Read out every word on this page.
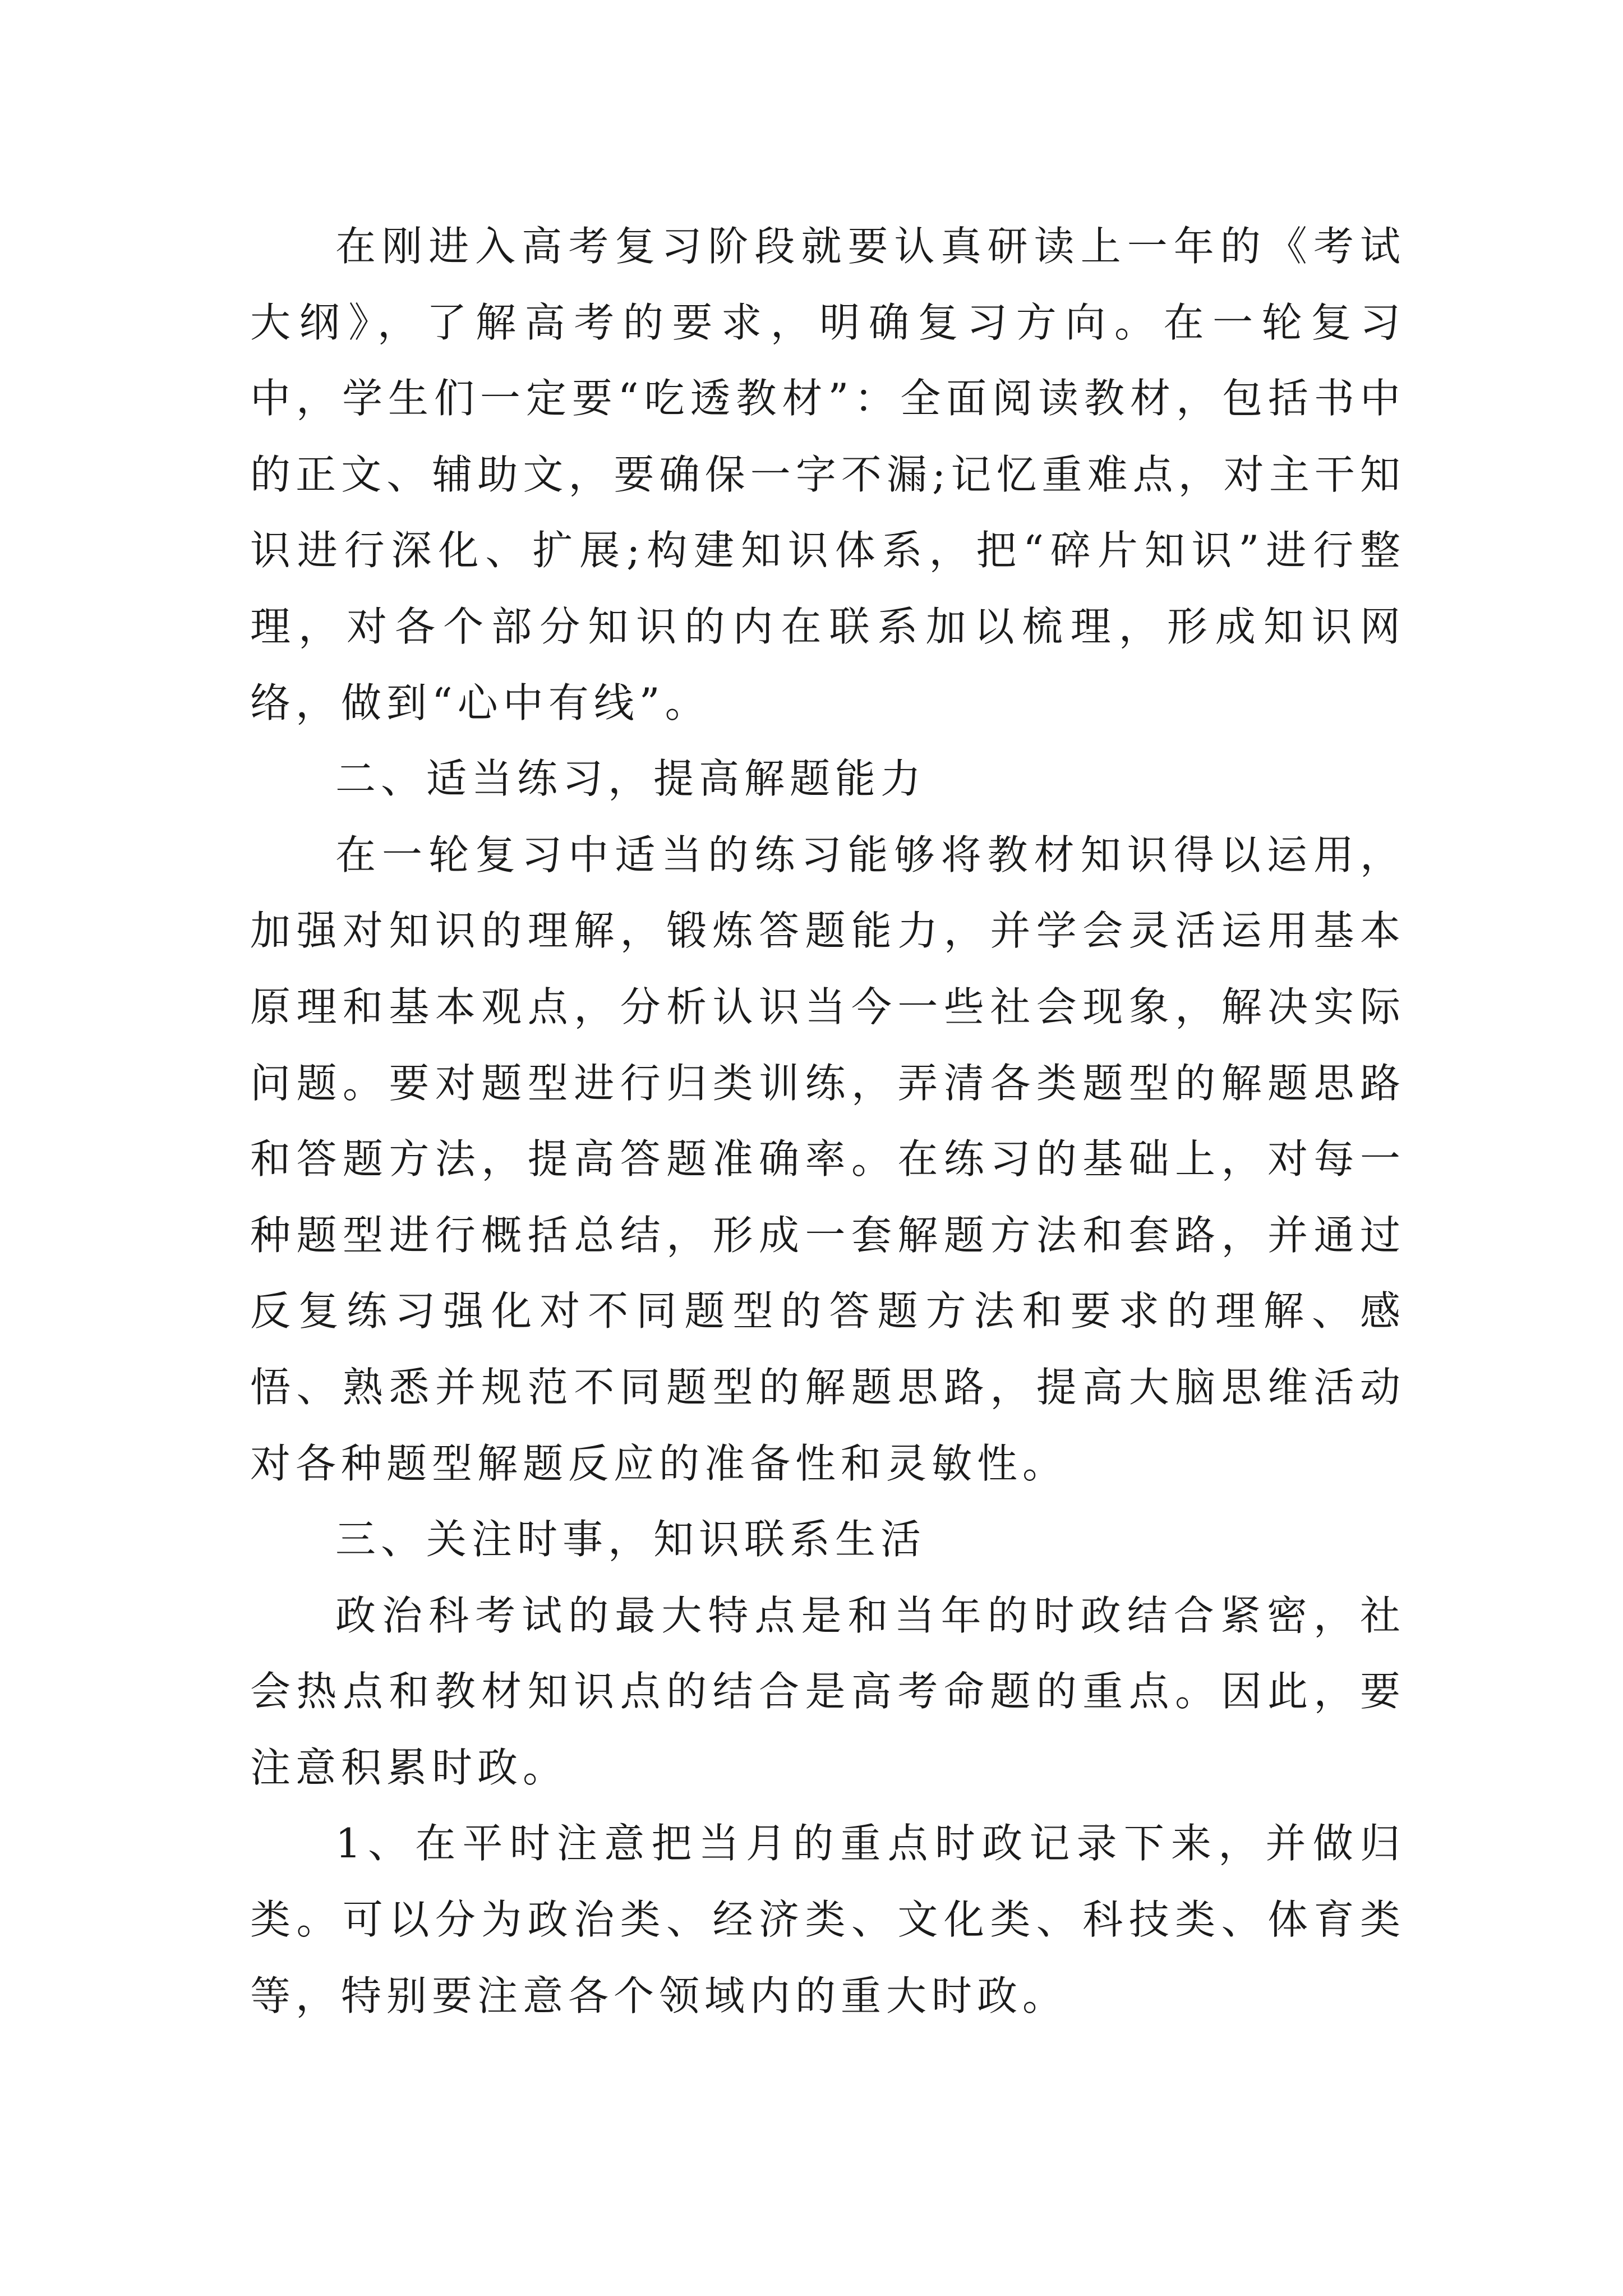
在刚进入高考复习阶段就要认真研读上一年的《考试大纲》，了解高考的要求，明确复习方向。在一轮复习中，学生们一定要“吃透教材”：全面阅读教材，包括书中的正文、辅助文，要确保一字不漏;记忆重难点，对主干知识进行深化、扩展;构建知识体系，把“碎片知识”进行整理，对各个部分知识的内在联系加以梳理，形成知识网络，做到“心中有线”。

二、适当练习，提高解题能力

在一轮复习中适当的练习能够将教材知识得以运用，加强对知识的理解，锻炼答题能力，并学会灵活运用基本原理和基本观点，分析认识当今一些社会现象，解决实际问题。要对题型进行归类训练，弄清各类题型的解题思路和答题方法，提高答题准确率。在练习的基础上，对每一种题型进行概括总结，形成一套解题方法和套路，并通过反复练习强化对不同题型的答题方法和要求的理解、感悟、熟悉并规范不同题型的解题思路，提高大脑思维活动对各种题型解题反应的准备性和灵敏性。

三、关注时事，知识联系生活

政治科考试的最大特点是和当年的时政结合紧密，社会热点和教材知识点的结合是高考命题的重点。因此，要注意积累时政。

1、在平时注意把当月的重点时政记录下来，并做归类。可以分为政治类、经济类、文化类、科技类、体育类等，特别要注意各个领域内的重大时政。
